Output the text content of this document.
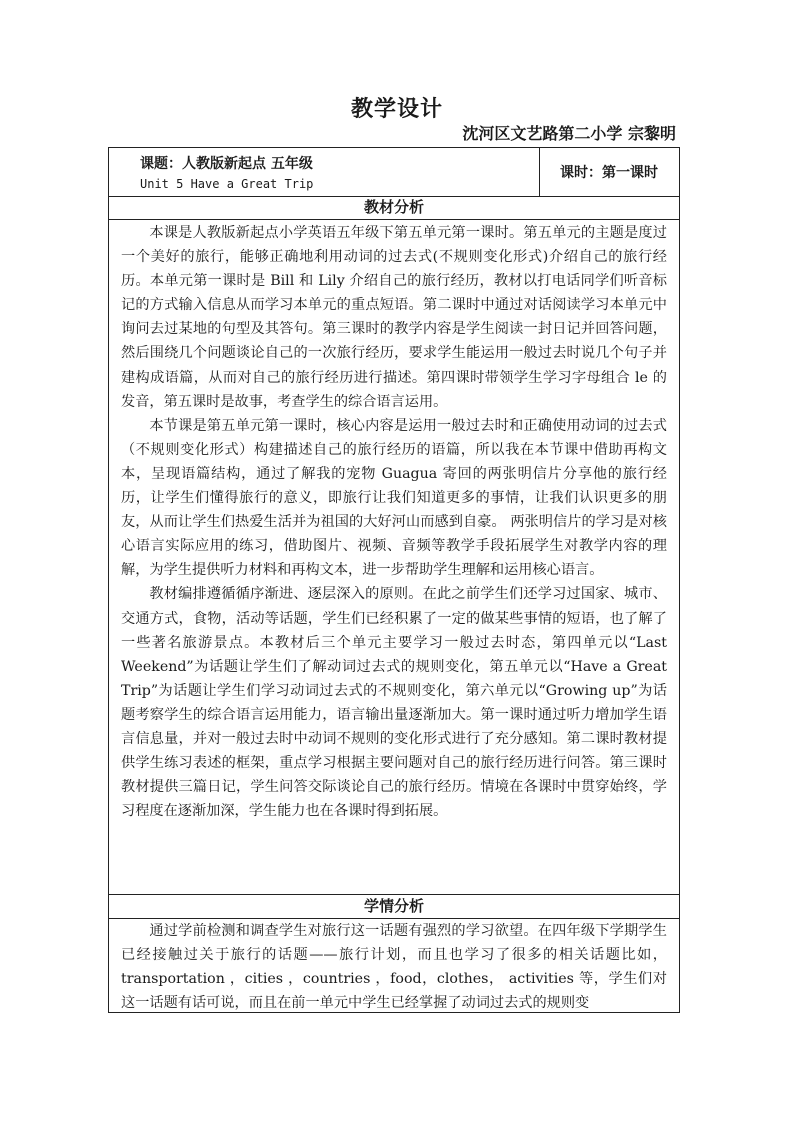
教学设计
沈河区文艺路第二小学 宗黎明
课题：人教版新起点 五年级
Unit 5 Have a Great Trip
课时：第一课时
教材分析

本课是人教版新起点小学英语五年级下第五单元第一课时。第五单元的主题是度过一个美好的旅行，能够正确地利用动词的过去式(不规则变化形式)介绍自己的旅行经历。本单元第一课时是 Bill 和 Lily 介绍自己的旅行经历，教材以打电话同学们听音标记的方式输入信息从而学习本单元的重点短语。第二课时中通过对话阅读学习本单元中询问去过某地的句型及其答句。第三课时的教学内容是学生阅读一封日记并回答问题，然后围绕几个问题谈论自己的一次旅行经历，要求学生能运用一般过去时说几个句子并建构成语篇，从而对自己的旅行经历进行描述。第四课时带领学生学习字母组合 le 的发音，第五课时是故事，考查学生的综合语言运用。

本节课是第五单元第一课时，核心内容是运用一般过去时和正确使用动词的过去式（不规则变化形式）构建描述自己的旅行经历的语篇，所以我在本节课中借助再构文本，呈现语篇结构，通过了解我的宠物 Guagua 寄回的两张明信片分享他的旅行经历，让学生们懂得旅行的意义，即旅行让我们知道更多的事情，让我们认识更多的朋友，从而让学生们热爱生活并为祖国的大好河山而感到自豪。 两张明信片的学习是对核心语言实际应用的练习，借助图片、视频、音频等教学手段拓展学生对教学内容的理解，为学生提供听力材料和再构文本，进一步帮助学生理解和运用核心语言。

教材编排遵循循序渐进、逐层深入的原则。在此之前学生们还学习过国家、城市、交通方式，食物，活动等话题，学生们已经积累了一定的做某些事情的短语，也了解了一些著名旅游景点。本教材后三个单元主要学习一般过去时态，第四单元以“Last Weekend”为话题让学生们了解动词过去式的规则变化，第五单元以“Have a Great Trip”为话题让学生们学习动词过去式的不规则变化，第六单元以“Growing up”为话题考察学生的综合语言运用能力，语言输出量逐渐加大。第一课时通过听力增加学生语言信息量，并对一般过去时中动词不规则的变化形式进行了充分感知。第二课时教材提供学生练习表述的框架，重点学习根据主要问题对自己的旅行经历进行问答。第三课时教材提供三篇日记，学生问答交际谈论自己的旅行经历。情境在各课时中贯穿始终，学习程度在逐渐加深，学生能力也在各课时得到拓展。

学情分析

通过学前检测和调查学生对旅行这一话题有强烈的学习欲望。在四年级下学期学生已经接触过关于旅行的话题——旅行计划，而且也学习了很多的相关话题比如，transportation ，cities ，countries ，food，clothes， activities 等，学生们对这一话题有话可说，而且在前一单元中学生已经掌握了动词过去式的规则变
